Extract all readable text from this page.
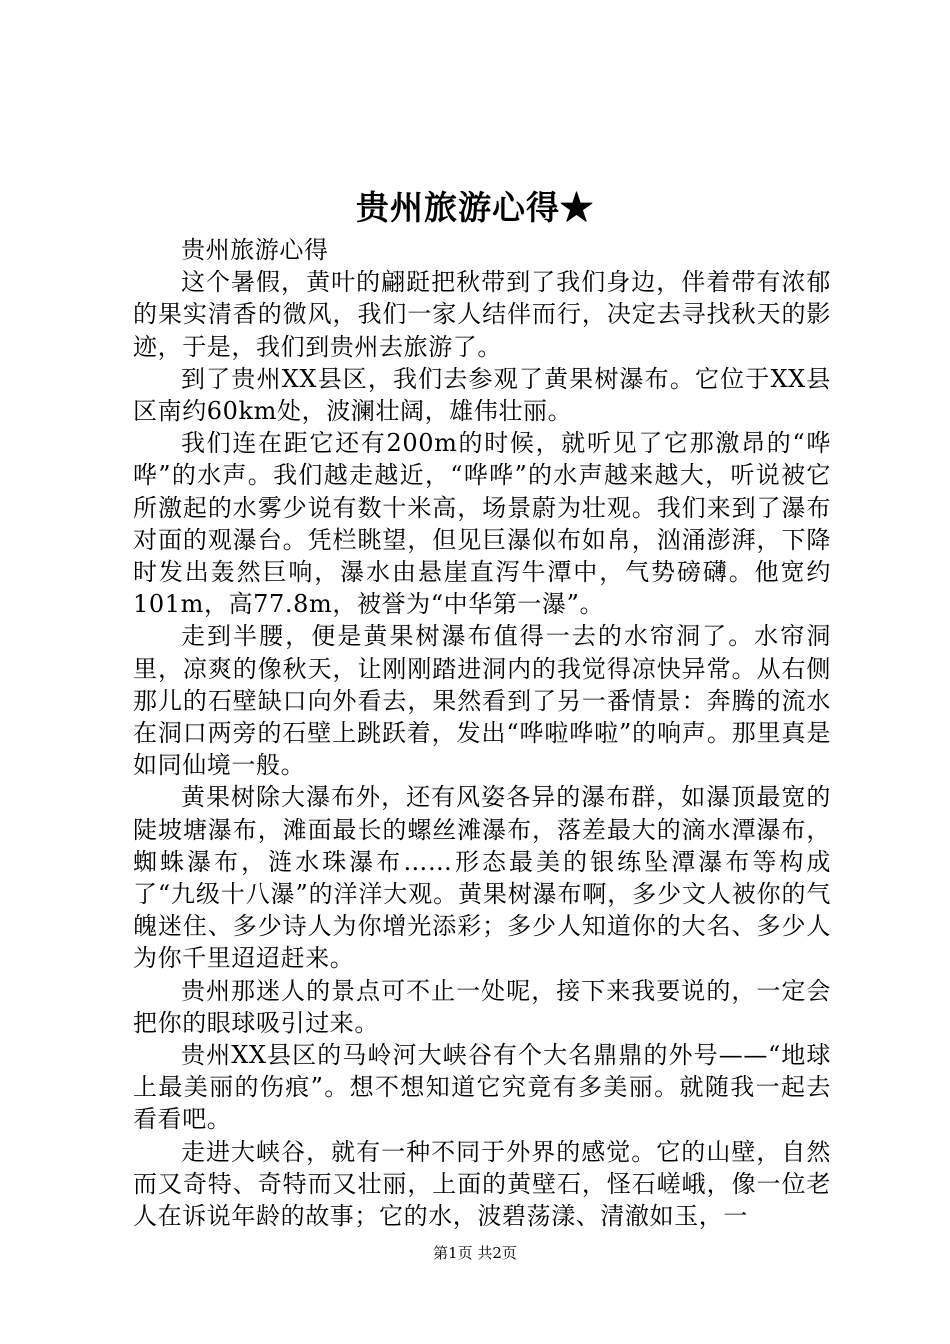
贵州旅游心得★

贵州旅游心得

这个暑假，黄叶的翩跹把秋带到了我们身边，伴着带有浓郁的果实清香的微风，我们一家人结伴而行，决定去寻找秋天的影迹，于是，我们到贵州去旅游了。

到了贵州XX县区，我们去参观了黄果树瀑布。它位于XX县区南约60km处，波澜壮阔，雄伟壮丽。

我们连在距它还有200m的时候，就听见了它那激昂的“哗哗”的水声。我们越走越近，“哗哗”的水声越来越大，听说被它所激起的水雾少说有数十米高，场景蔚为壮观。我们来到了瀑布对面的观瀑台。凭栏眺望，但见巨瀑似布如帛，汹涌澎湃，下降时发出轰然巨响，瀑水由悬崖直泻牛潭中，气势磅礴。他宽约101m，高77.8m，被誉为“中华第一瀑”。

走到半腰，便是黄果树瀑布值得一去的水帘洞了。水帘洞里，凉爽的像秋天，让刚刚踏进洞内的我觉得凉快异常。从右侧那儿的石壁缺口向外看去，果然看到了另一番情景：奔腾的流水在洞口两旁的石壁上跳跃着，发出“哗啦哗啦”的响声。那里真是如同仙境一般。

黄果树除大瀑布外，还有风姿各异的瀑布群，如瀑顶最宽的陡坡塘瀑布，滩面最长的螺丝滩瀑布，落差最大的滴水潭瀑布，蜘蛛瀑布，涟水珠瀑布……形态最美的银练坠潭瀑布等构成了“九级十八瀑”的洋洋大观。黄果树瀑布啊，多少文人被你的气魄迷住、多少诗人为你增光添彩；多少人知道你的大名、多少人为你千里迢迢赶来。

贵州那迷人的景点可不止一处呢，接下来我要说的，一定会把你的眼球吸引过来。

贵州XX县区的马岭河大峡谷有个大名鼎鼎的外号——“地球上最美丽的伤痕”。想不想知道它究竟有多美丽。就随我一起去看看吧。

走进大峡谷，就有一种不同于外界的感觉。它的山壁，自然而又奇特、奇特而又壮丽，上面的黄壁石，怪石嵯峨，像一位老人在诉说年龄的故事；它的水，波碧荡漾、清澈如玉，一

第1页 共2页
